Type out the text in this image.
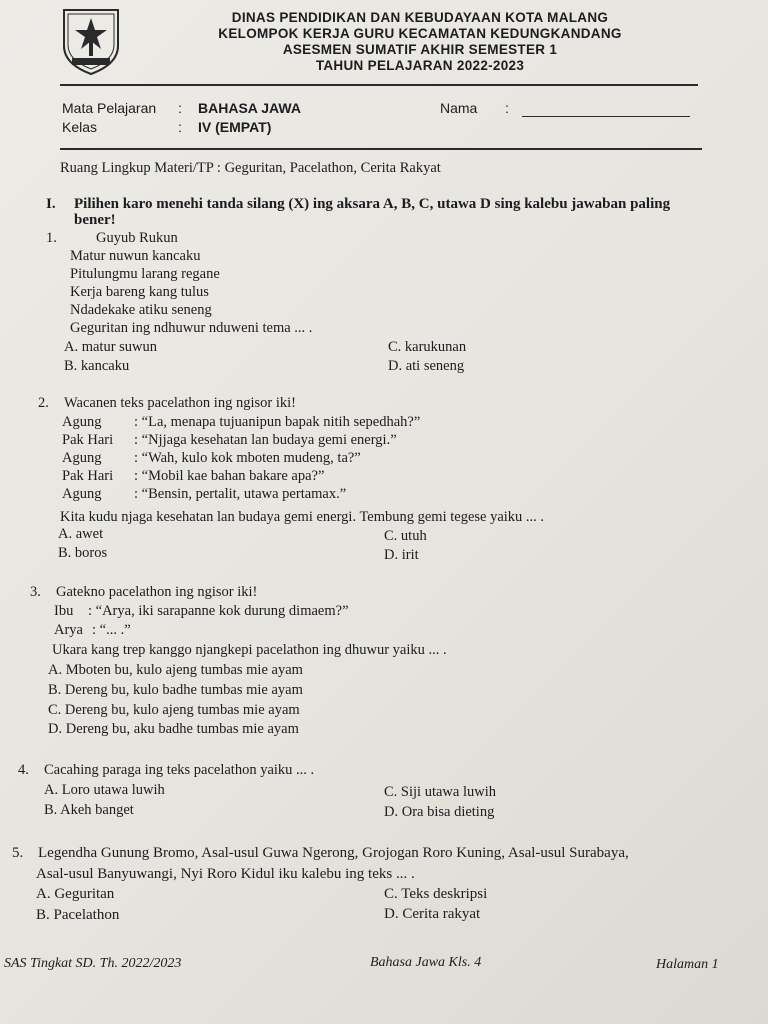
DINAS PENDIDIKAN DAN KEBUDAYAAN KOTA MALANG
KELOMPOK KERJA GURU KECAMATAN KEDUNGKANDANG
ASESMEN SUMATIF AKHIR SEMESTER 1
TAHUN PELAJARAN 2022-2023
Mata Pelajaran : BAHASA JAWA	Nama :
Kelas	: IV (EMPAT)
Ruang Lingkup Materi/TP : Geguritan, Pacelathon, Cerita Rakyat
I. Pilihen karo menehi tanda silang (X) ing aksara A, B, C, utawa D sing kalebu jawaban paling
bener!
1.	Guyub Rukun
Matur nuwun kancaku
Pitulungmu larang regane
Kerja bareng kang tulus
Ndadekake atiku seneng
Geguritan ing ndhuwur nduweni tema ... .
A. matur suwun
B. kancaku
C. karukunan
D. ati seneng
2. Wacanen teks pacelathon ing ngisor iki!
Agung : “La, menapa tujuanipun bapak nitih sepedhah?”
Pak Hari : “Njjaga kesehatan lan budaya gemi energi.”
Agung : “Wah, kulo kok mboten mudeng, ta?”
Pak Hari : “Mobil kae bahan bakare apa?”
Agung : “Bensin, pertalit, utawa pertamax.”
Kita kudu njaga kesehatan lan budaya gemi energi. Tembung gemi tegese yaiku ... .
A. awet
B. boros
C. utuh
D. irit
3. Gatekno pacelathon ing ngisor iki!
Ibu : “Arya, iki sarapanne kok durung dimaem?”
Arya : “... .”
Ukara kang trep kanggo njangkepi pacelathon ing dhuwur yaiku ... .
A. Mboten bu, kulo ajeng tumbas mie ayam
B. Dereng bu, kulo badhe tumbas mie ayam
C. Dereng bu, kulo ajeng tumbas mie ayam
D. Dereng bu, aku badhe tumbas mie ayam
4. Cacahing paraga ing teks pacelathon yaiku ... .
A. Loro utawa luwih
B. Akeh banget
C. Siji utawa luwih
D. Ora bisa dieting
5. Legendha Gunung Bromo, Asal-usul Guwa Ngerong, Grojogan Roro Kuning, Asal-usul Surabaya,
Asal-usul Banyuwangi, Nyi Roro Kidul iku kalebu ing teks ... .
A. Geguritan
B. Pacelathon
C. Teks deskripsi
D. Cerita rakyat
SAS Tingkat SD. Th. 2022/2023	Bahasa Jawa Kls. 4	Halaman 1
